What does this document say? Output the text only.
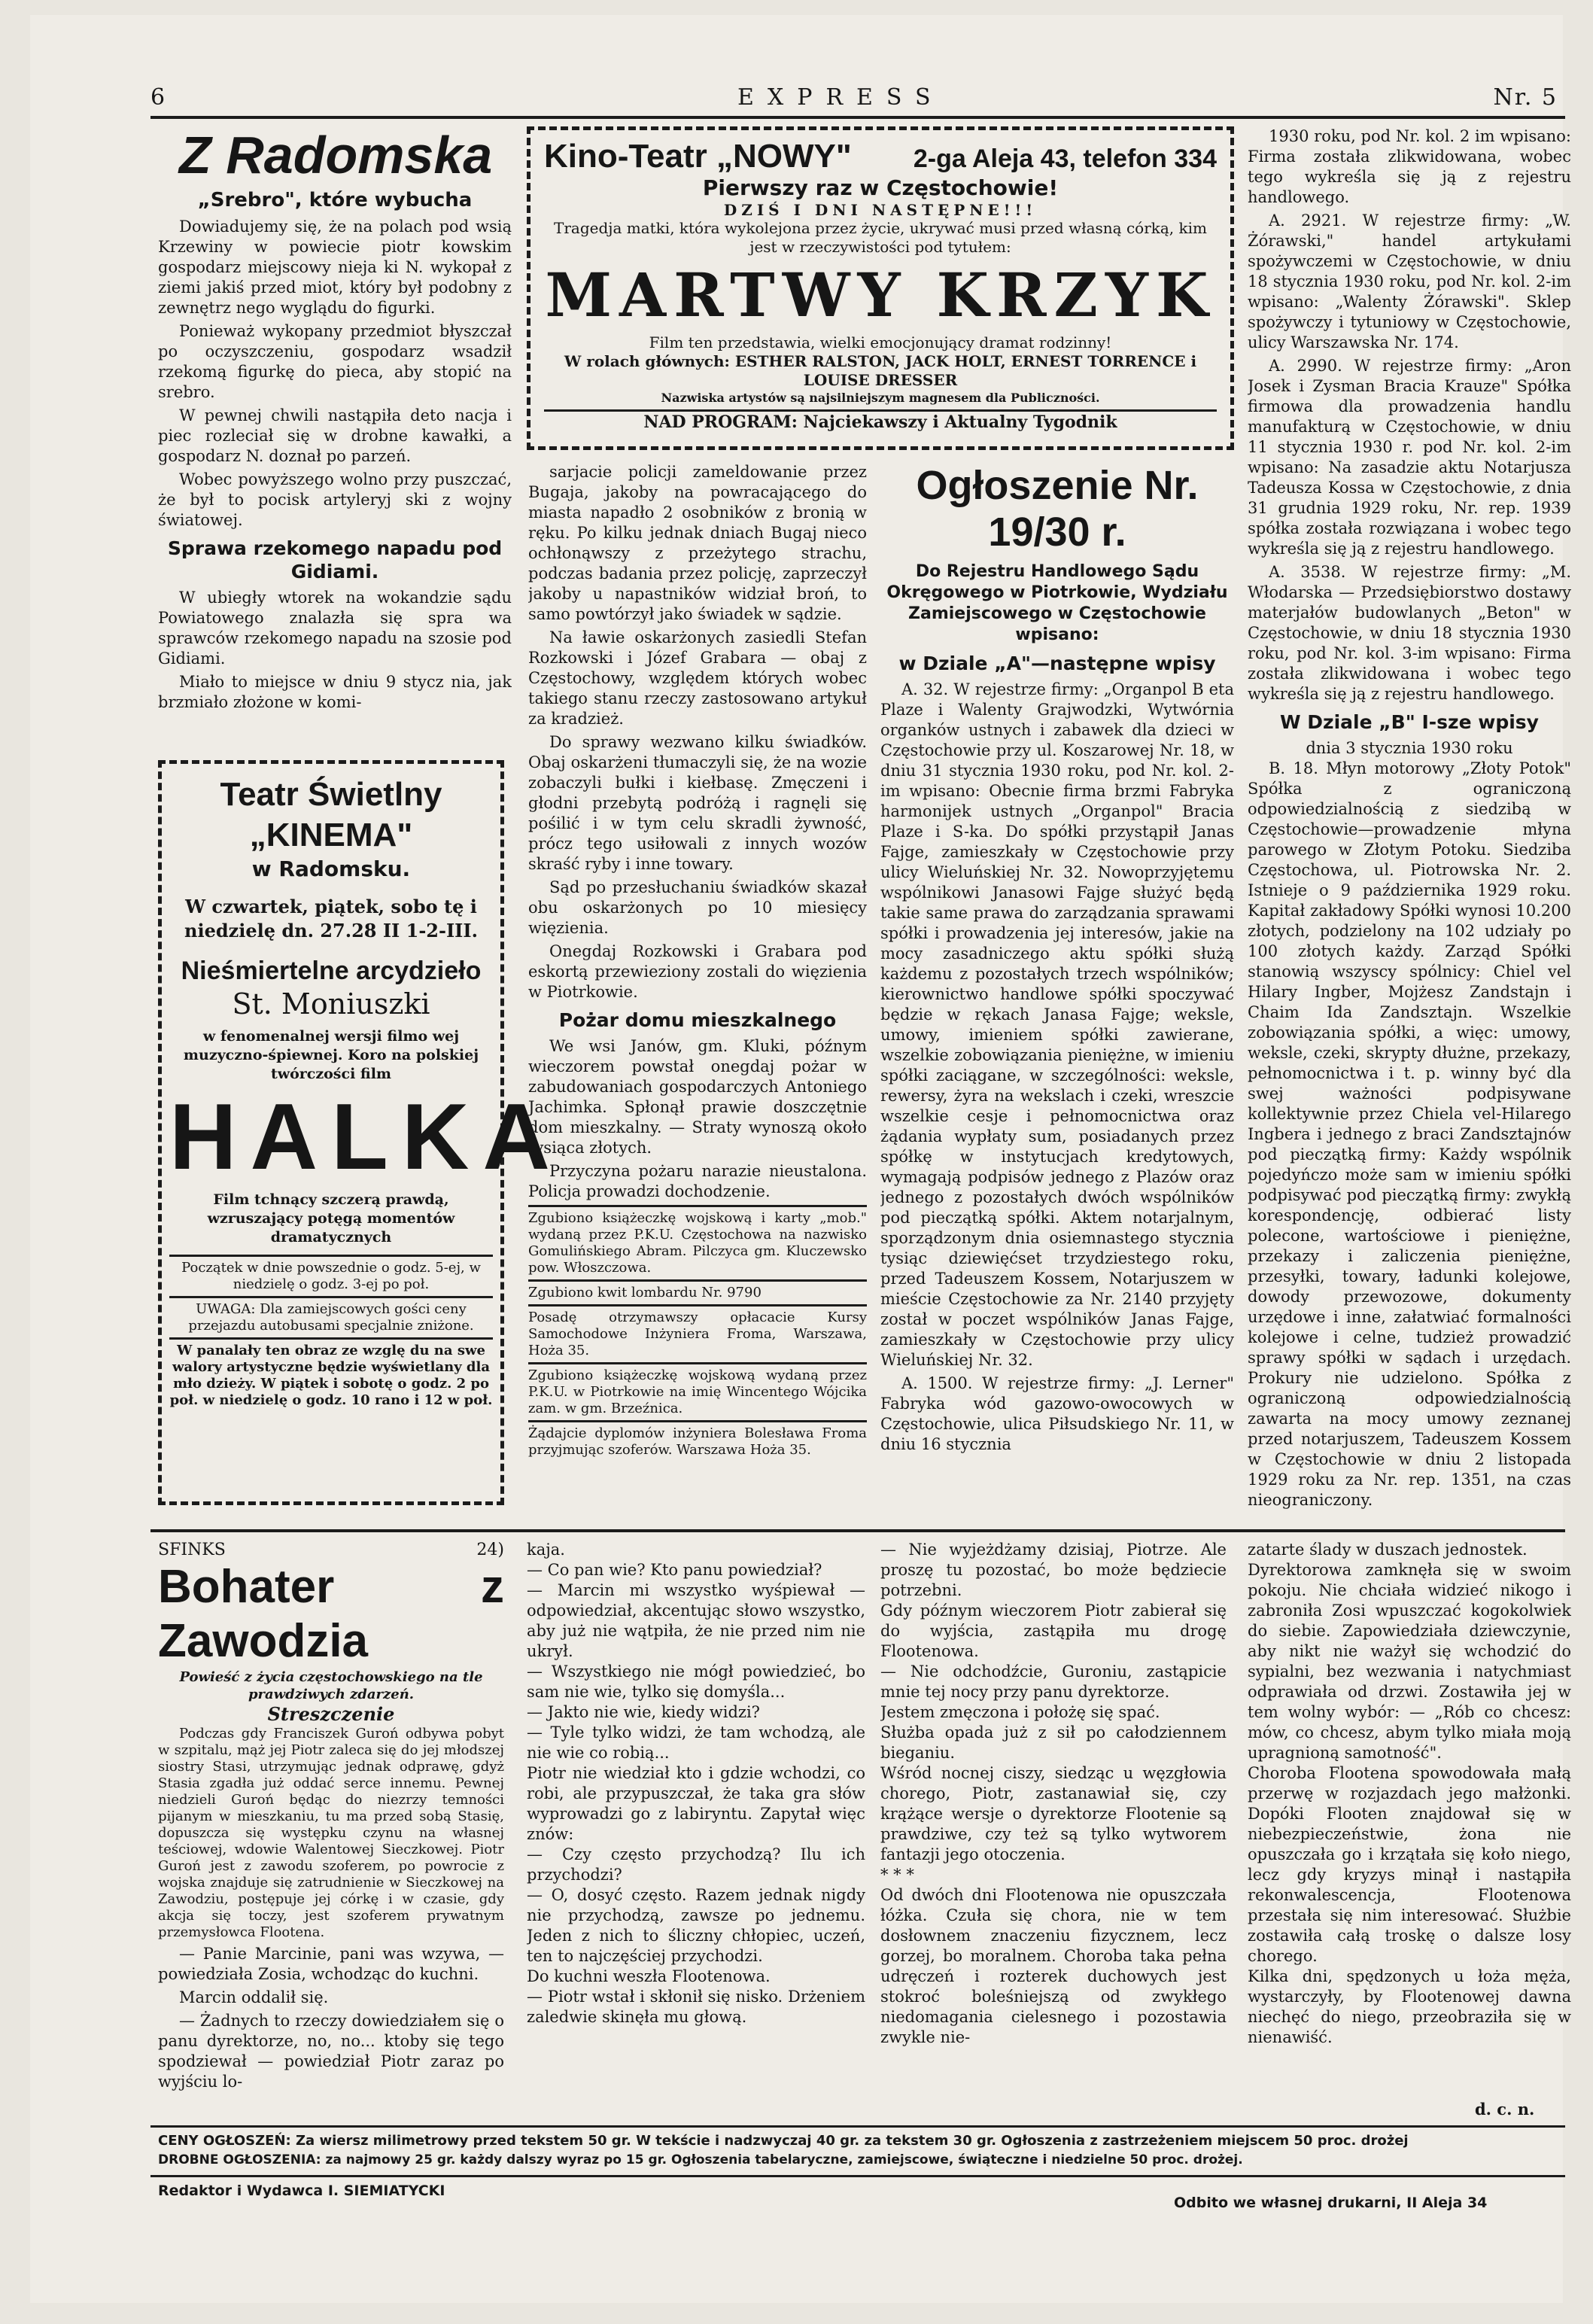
6	EXPRESS	Nr. 5

Z Radomska

„Srebro", które wybucha

Dowiadujemy się, że na polach pod wsią Krzewiny w powiecie piotr kowskim gospodarz miejscowy nieja ki N. wykopał z ziemi jakiś przed miot, który był podobny z zewnętrz nego wyglądu do figurki.

Ponieważ wykopany przedmiot błyszczał po oczyszczeniu, gospodarz wsadził rzekomą figurkę do pieca, aby stopić na srebro.

W pewnej chwili nastąpiła deto nacja i piec rozleciał się w drobne kawałki, a gospodarz N. doznał po parzeń.

Wobec powyższego wolno przy puszczać, że był to pocisk artyleryj ski z wojny światowej.

Sprawa rzekomego napadu pod Gidiami.

W ubiegły wtorek na wokandzie sądu Powiatowego znalazła się spra wa sprawców rzekomego napadu na szosie pod Gidiami.

Miało to miejsce w dniu 9 stycz nia, jak brzmiało złożone w komi-

Teatr Świetlny „KINEMA"
w Radomsku.
W czwartek, piątek, sobo tę i niedzielę dn. 27.28 II 1-2-III.
Nieśmiertelne arcydzieło
St. Moniuszki
w fenomenalnej wersji filmo wej muzyczno-śpiewnej. Koro na polskiej twórczości film
HALKA
Film tchnący szczerą prawdą, wzruszający potęgą momentów dramatycznych
Początek w dnie powszednie o godz. 5-ej, w niedzielę o godz. 3-ej po poł.
UWAGA: Dla zamiejscowych gości ceny przejazdu autobusami specjalnie zniżone.
W panalały ten obraz ze wzglę du na swe walory artystyczne będzie wyświetlany dla mło dzieży. W piątek i sobotę o godz. 2 po poł. w niedzielę o godz. 10 rano i 12 w poł.
Kino-Teatr „NOWY" 2-ga Aleja 43, telefon 334
Pierwszy raz w Częstochowie!
DZIŚ I DNI NASTĘPNE!!!
Tragedja matki, która wykolejona przez życie, ukrywać musi przed własną córką, kim jest w rzeczywistości pod tytułem:
MARTWY KRZYK
Film ten przedstawia, wielki emocjonujący dramat rodzinny!
W rolach głównych: ESTHER RALSTON, JACK HOLT, ERNEST TORRENCE i LOUISE DRESSER
Nazwiska artystów są najsilniejszym magnesem dla Publiczności.
NAD PROGRAM: Najciekawszy i Aktualny Tygodnik

sarjacie policji zameldowanie przez Bugaja, jakoby na powracającego do miasta napadło 2 osobników z bronią w ręku. Po kilku jednak dniach Bugaj nieco ochłonąwszy z przeżytego strachu, podczas badania przez policję, zaprzeczył jakoby u napastników widział broń, to samo powtórzył jako świadek w sądzie.

Na ławie oskarżonych zasiedli Stefan Rozkowski i Józef Grabara — obaj z Częstochowy, względem których wobec takiego stanu rzeczy zastosowano artykuł za kradzież.

Do sprawy wezwano kilku świadków. Obaj oskarżeni tłumaczyli się, że na wozie zobaczyli bułki i kiełbasę. Zmęczeni i głodni przebytą podróżą i ragnęli się pośilić i w tym celu skradli żywność, prócz tego usiłowali z innych wozów skraść ryby i inne towary.

Sąd po przesłuchaniu świadków skazał obu oskarżonych po 10 miesięcy więzienia.

Onegdaj Rozkowski i Grabara pod eskortą przewieziony zostali do więzienia w Piotrkowie.

Pożar domu mieszkalnego

We wsi Janów, gm. Kluki, późnym wieczorem powstał onegdaj pożar w zabudowaniach gospodarczych Antoniego Jachimka. Spłonął prawie doszczętnie dom mieszkalny. — Straty wynoszą około tysiąca złotych.

Przyczyna pożaru narazie nieustalona. Policja prowadzi dochodzenie.

Zgubiono książeczkę wojskową i karty „mob." wydaną przez P.K.U. Częstochowa na nazwisko Gomulińskiego Abram. Pilczyca gm. Kluczewsko pow. Włoszczowa.
Zgubiono kwit lombardu Nr. 9790
Posadę otrzymawszy opłacacie Kursy Samochodowe Inżyniera Froma, Warszawa, Hoża 35.
Zgubiono książeczkę wojskową wydaną przez P.K.U. w Piotrkowie na imię Wincentego Wójcika zam. w gm. Brzeźnica.
Żądajcie dyplomów inżyniera Bolesława Froma przyjmując szoferów. Warszawa Hoża 35.
Ogłoszenie Nr. 19/30 r.
Do Rejestru Handlowego Sądu Okręgowego w Piotrkowie, Wydziału Zamiejscowego w Częstochowie wpisano:
w Dziale „A"—następne wpisy

A. 32. W rejestrze firmy: „Organpol B eta Plaze i Walenty Grajwodzki, Wytwórnia organków ustnych i zabawek dla dzieci w Częstochowie przy ul. Koszarowej Nr. 18, w dniu 31 stycznia 1930 roku, pod Nr. kol. 2-im wpisano: Obecnie firma brzmi Fabryka harmonijek ustnych „Organpol" Bracia Plaze i S-ka. Do spółki przystąpił Janas Fajge, zamieszkały w Częstochowie przy ulicy Wieluńskiej Nr. 32. Nowoprzyjętemu wspólnikowi Janasowi Fajge służyć będą takie same prawa do zarządzania sprawami spółki i prowadzenia jej interesów, jakie na mocy zasadniczego aktu spółki służą każdemu z pozostałych trzech wspólników; kierownictwo handlowe spółki spoczywać będzie w rękach Janasa Fajge; weksle, umowy, imieniem spółki zawierane, wszelkie zobowiązania pieniężne, w imieniu spółki zaciągane, w szczególności: weksle, rewersy, żyra na wekslach i czeki, wreszcie wszelkie cesje i pełnomocnictwa oraz żądania wypłaty sum, posiadanych przez spółkę w instytucjach kredytowych, wymagają podpisów jednego z Plazów oraz jednego z pozostałych dwóch wspólników pod pieczątką spółki. Aktem notarjalnym, sporządzonym dnia osiemnastego stycznia tysiąc dziewięćset trzydziestego roku, przed Tadeuszem Kossem, Notarjuszem w mieście Częstochowie za Nr. 2140 przyjęty został w poczet wspólników Janas Fajge, zamieszkały w Częstochowie przy ulicy Wieluńskiej Nr. 32.

A. 1500. W rejestrze firmy: „J. Lerner" Fabryka wód gazowo-owocowych w Częstochowie, ulica Piłsudskiego Nr. 11, w dniu 16 stycznia

1930 roku, pod Nr. kol. 2 im wpisano: Firma została zlikwidowana, wobec tego wykreśla się ją z rejestru handlowego.

A. 2921. W rejestrze firmy: „W. Żórawski," handel artykułami spożywczemi w Częstochowie, w dniu 18 stycznia 1930 roku, pod Nr. kol. 2-im wpisano: „Walenty Żórawski". Sklep spożywczy i tytuniowy w Częstochowie, ulicy Warszawska Nr. 174.

A. 2990. W rejestrze firmy: „Aron Josek i Zysman Bracia Krauze" Spółka firmowa dla prowadzenia handlu manufakturą w Częstochowie, w dniu 11 stycznia 1930 r. pod Nr. kol. 2-im wpisano: Na zasadzie aktu Notarjusza Tadeusza Kossa w Częstochowie, z dnia 31 grudnia 1929 roku, Nr. rep. 1939 spółka została rozwiązana i wobec tego wykreśla się ją z rejestru handlowego.

A. 3538. W rejestrze firmy: „M. Włodarska — Przedsiębiorstwo dostawy materjałów budowlanych „Beton" w Częstochowie, w dniu 18 stycznia 1930 roku, pod Nr. kol. 3-im wpisano: Firma została zlikwidowana i wobec tego wykreśla się ją z rejestru handlowego.

W Dziale „B" I-sze wpisy
dnia 3 stycznia 1930 roku

B. 18. Młyn motorowy „Złoty Potok" Spółka z ograniczoną odpowiedzialnością z siedzibą w Częstochowie—prowadzenie młyna parowego w Złotym Potoku. Siedziba Częstochowa, ul. Piotrowska Nr. 2. Istnieje o 9 października 1929 roku. Kapitał zakładowy Spółki wynosi 10.200 złotych, podzielony na 102 udziały po 100 złotych każdy. Zarząd Spółki stanowią wszyscy spólnicy: Chiel vel Hilary Ingber, Mojżesz Zandstajn i Chaim Ida Zandsztajn. Wszelkie zobowiązania spółki, a więc: umowy, weksle, czeki, skrypty dłużne, przekazy, pełnomocnictwa i t. p. winny być dla swej ważności podpisywane kollektywnie przez Chiela vel-Hilarego Ingbera i jednego z braci Zandsztajnów pod pieczątką firmy: Każdy wspólnik pojedyńczo może sam w imieniu spółki podpisywać pod pieczątką firmy: zwykłą korespondencję, odbierać listy polecone, wartościowe i pieniężne, przekazy i zaliczenia pieniężne, przesyłki, towary, ładunki kolejowe, dowody przewozowe, dokumenty urzędowe i inne, załatwiać formalności kolejowe i celne, tudzież prowadzić sprawy spółki w sądach i urzędach. Prokury nie udzielono. Spółka z ograniczoną odpowiedzialnością zawarta na mocy umowy zeznanej przed notarjuszem, Tadeuszem Kossem w Częstochowie w dniu 2 listopada 1929 roku za Nr. rep. 1351, na czas nieograniczony.

SFINKS	24)
Bohater z Zawodzia
Powieść z życia częstochowskiego na tle prawdziwych zdarzeń.
Streszczenie

Podczas gdy Franciszek Guroń odbywa pobyt w szpitalu, mąż jej Piotr zaleca się do jej młodszej siostry Stasi, utrzymując jednak odprawę, gdyż Stasia zgadła już oddać serce innemu. Pewnej niedzieli Guroń będąc do niezrzy temności pijanym w mieszkaniu, tu ma przed sobą Stasię, dopuszcza się występku czynu na własnej teściowej, wdowie Walentowej Sieczkowej. Piotr Guroń jest z zawodu szoferem, po powrocie z wojska znajduje się zatrudnienie w Sieczkowej na Zawodziu, postępuje jej córkę i w czasie, gdy akcja się toczy, jest szoferem prywatnym przemysłowca Flootena.

— Panie Marcinie, pani was wzywa, — powiedziała Zosia, wchodząc do kuchni.

Marcin oddalił się.

— Żadnych to rzeczy dowiedziałem się o panu dyrektorze, no, no... ktoby się tego spodziewał — powiedział Piotr zaraz po wyjściu lo-

kaja.
— Co pan wie? Kto panu powiedział?
— Marcin mi wszystko wyśpiewał — odpowiedział, akcentując słowo wszystko, aby już nie wątpiła, że nie przed nim nie ukrył.
— Wszystkiego nie mógł powiedzieć, bo sam nie wie, tylko się domyśla...
— Jakto nie wie, kiedy widzi?
— Tyle tylko widzi, że tam wchodzą, ale nie wie co robią...
Piotr nie wiedział kto i gdzie wchodzi, co robi, ale przypuszczał, że taka gra słów wyprowadzi go z labiryntu. Zapytał więc znów:
— Czy często przychodzą? Ilu ich przychodzi?
— O, dosyć często. Razem jednak nigdy nie przychodzą, zawsze po jednemu. Jeden z nich to śliczny chłopiec, uczeń, ten to najczęściej przychodzi.
Do kuchni weszła Flootenowa.
— Piotr wstał i skłonił się nisko. Drżeniem zaledwie skinęła mu głową.
— Nie wyjeżdżamy dzisiaj, Piotrze. Ale proszę tu pozostać, bo może będziecie potrzebni.
Gdy późnym wieczorem Piotr zabierał się do wyjścia, zastąpiła mu drogę Flootenowa.
— Nie odchodźcie, Guroniu, zastąpicie mnie tej nocy przy panu dyrektorze.
Jestem zmęczona i położę się spać.
Służba opada już z sił po całodziennem bieganiu.
Wśród nocnej ciszy, siedząc u węzgłowia chorego, Piotr, zastanawiał się, czy krążące wersje o dyrektorze Flootenie są prawdziwe, czy też są tylko wytworem fantazji jego otoczenia.
* * *
Od dwóch dni Flootenowa nie opuszczała łóżka. Czuła się chora, nie w tem dosłownem znaczeniu fizycznem, lecz gorzej, bo moralnem. Choroba taka pełna udręczeń i rozterek duchowych jest stokroć boleśniejszą od zwykłego niedomagania cielesnego i pozostawia zwykle nie-
zatarte ślady w duszach jednostek.
Dyrektorowa zamknęła się w swoim pokoju. Nie chciała widzieć nikogo i zabroniła Zosi wpuszczać kogokolwiek do siebie. Zapowiedziała dziewczynie, aby nikt nie ważył się wchodzić do sypialni, bez wezwania i natychmiast odprawiała od drzwi. Zostawiła jej w tem wolny wybór: — „Rób co chcesz: mów, co chcesz, abym tylko miała moją upragnioną samotność".
Choroba Flootena spowodowała małą przerwę w rozjazdach jego małżonki. Dopóki Flooten znajdował się w niebezpieczeństwie, żona nie opuszczała go i krzątała się koło niego, lecz gdy kryzys minął i nastąpiła rekonwalescencja, Flootenowa przestała się nim interesować. Służbie zostawiła całą troskę o dalsze losy chorego.
Kilka dni, spędzonych u łoża męża, wystarczyły, by Flootenowej dawna niechęć do niego, przeobraziła się w nienawiść.
d. c. n.
CENY OGŁOSZEŃ: Za wiersz milimetrowy przed tekstem 50 gr. W tekście i nadzwyczaj 40 gr. za tekstem 30 gr. Ogłoszenia z zastrzeżeniem miejscem 50 proc. drożej
DROBNE OGŁOSZENIA: za najmowy 25 gr. każdy dalszy wyraz po 15 gr. Ogłoszenia tabelaryczne, zamiejscowe, świąteczne i niedzielne 50 proc. drożej.
Redaktor i Wydawca I. SIEMIATYCKI
Odbito we własnej drukarni, II Aleja 34
